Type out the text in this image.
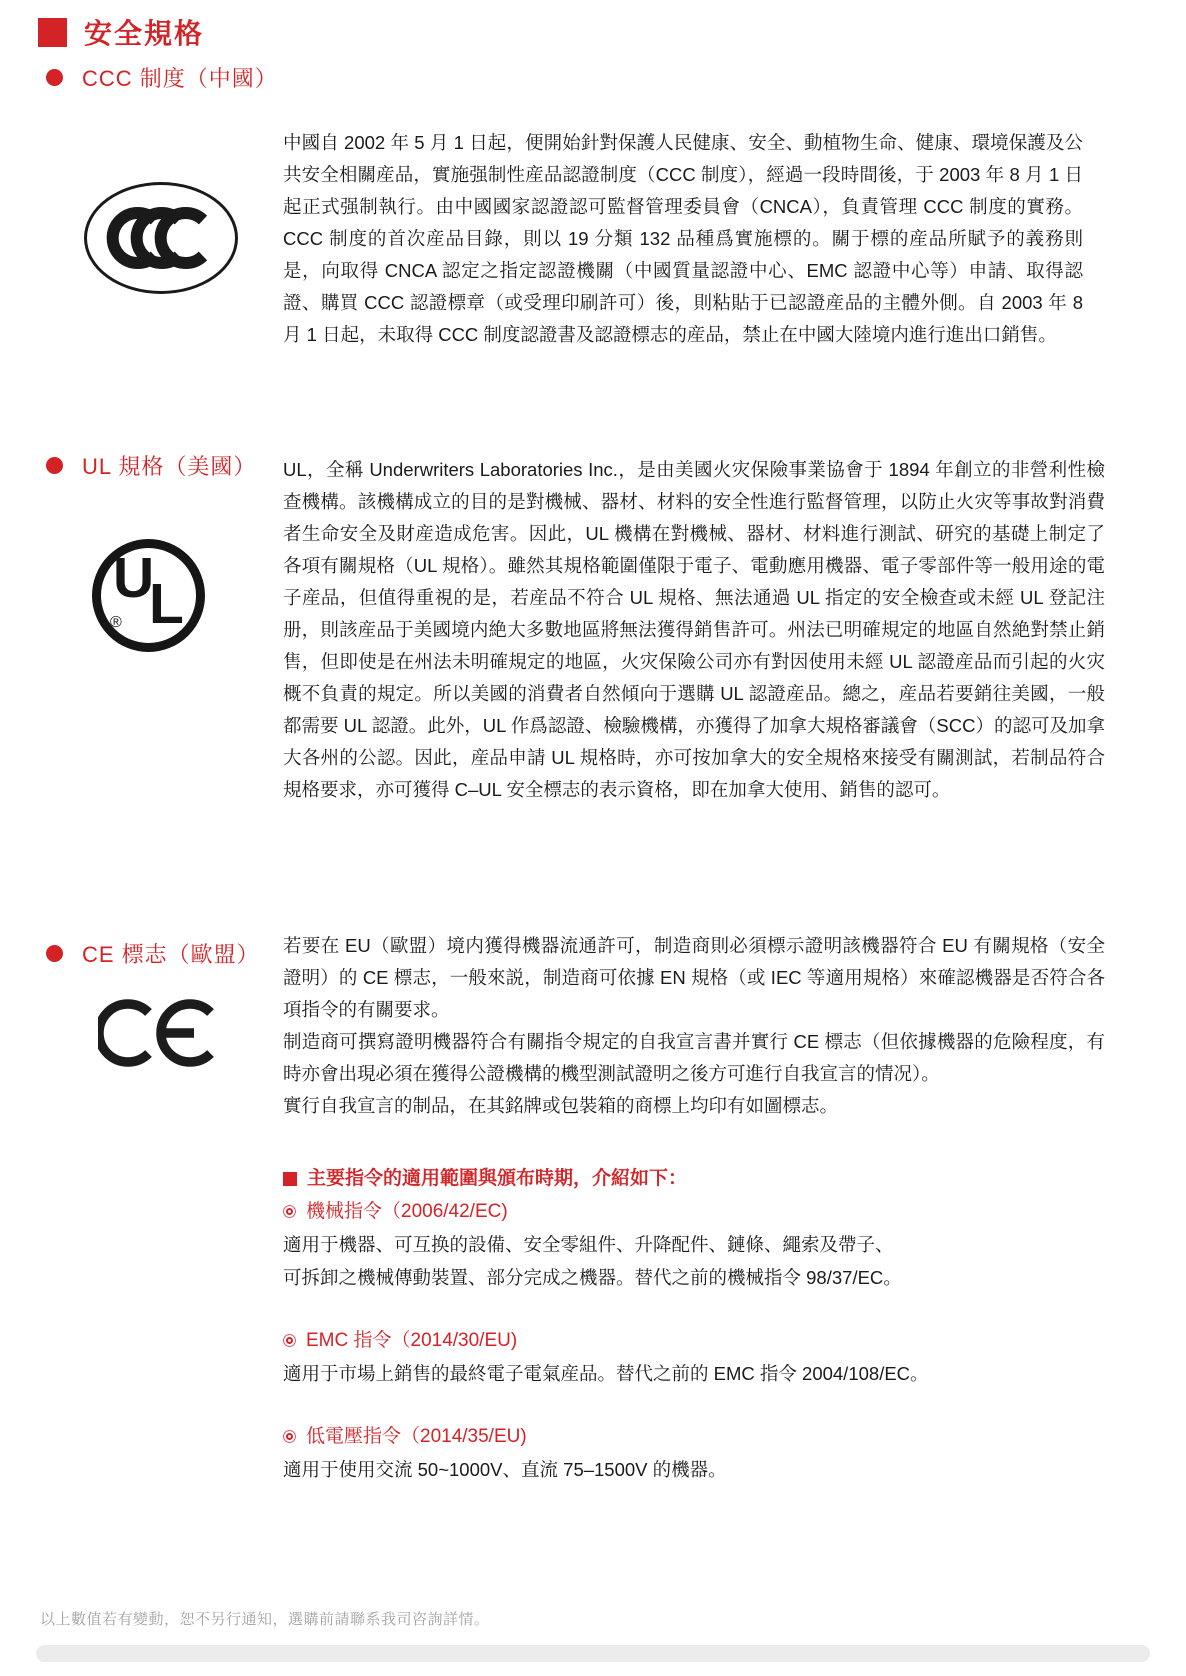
安全規格
CCC 制度（中國）
中國自 2002 年 5 月 1 日起，便開始針對保護人民健康、安全、動植物生命、健康、環境保護及公共安全相關産品，實施强制性産品認證制度（CCC 制度），經過一段時間後，于 2003 年 8 月 1 日起正式强制執行。由中國國家認證認可監督管理委員會（CNCA），負責管理 CCC 制度的實務。CCC 制度的首次産品目錄，則以 19 分類 132 品種爲實施標的。關于標的産品所賦予的義務則是，向取得 CNCA 認定之指定認證機關（中國質量認證中心、EMC 認證中心等）申請、取得認證、購買 CCC 認證標章（或受理印刷許可）後，則粘貼于已認證産品的主體外側。自 2003 年 8 月 1 日起，未取得 CCC 制度認證書及認證標志的産品，禁止在中國大陸境内進行進出口銷售。
UL 規格（美國）
U
L
®
UL，全稱 Underwriters Laboratories Inc.，是由美國火灾保險事業協會于 1894 年創立的非營利性檢查機構。該機構成立的目的是對機械、器材、材料的安全性進行監督管理，以防止火灾等事故對消費者生命安全及財産造成危害。因此，UL 機構在對機械、器材、材料進行測試、研究的基礎上制定了各項有關規格（UL 規格）。雖然其規格範圍僅限于電子、電動應用機器、電子零部件等一般用途的電子産品，但值得重視的是，若産品不符合 UL 規格、無法通過 UL 指定的安全檢查或未經 UL 登記注册，則該産品于美國境内絶大多數地區將無法獲得銷售許可。州法已明確規定的地區自然絶對禁止銷售，但即使是在州法未明確規定的地區，火灾保險公司亦有對因使用未經 UL 認證産品而引起的火灾概不負責的規定。所以美國的消費者自然傾向于選購 UL 認證産品。總之，産品若要銷往美國，一般都需要 UL 認證。此外，UL 作爲認證、檢驗機構，亦獲得了加拿大規格審議會（SCC）的認可及加拿大各州的公認。因此，産品申請 UL 規格時，亦可按加拿大的安全規格來接受有關測試，若制品符合規格要求，亦可獲得 C–UL 安全標志的表示資格，即在加拿大使用、銷售的認可。
CE 標志（歐盟） 若要在 EU（歐盟）境内獲得機器流通許可，制造商則必須標示證明該機器符合 EU 有關規格（安全證明）的 CE 標志，一般來説，制造商可依據 EN 規格（或 IEC 等適用規格）來確認機器是否符合各項指令的有關要求。

制造商可撰寫證明機器符合有關指令規定的自我宣言書并實行 CE 標志（但依據機器的危險程度，有時亦會出現必須在獲得公證機構的機型測試證明之後方可進行自我宣言的情况）。

實行自我宣言的制品，在其銘牌或包裝箱的商標上均印有如圖標志。

主要指令的適用範圍與頒布時期，介紹如下：
機械指令（2006/42/EC)
適用于機器、可互换的設備、安全零組件、升降配件、鏈條、繩索及帶子、
可拆卸之機械傳動裝置、部分完成之機器。替代之前的機械指令 98/37/EC。
EMC 指令（2014/30/EU)
適用于市場上銷售的最終電子電氣産品。替代之前的 EMC 指令 2004/108/EC。
低電壓指令（2014/35/EU)
適用于使用交流 50~1000V、直流 75–1500V 的機器。
以上數值若有變動，恕不另行通知，選購前請聯系我司咨詢詳情。
